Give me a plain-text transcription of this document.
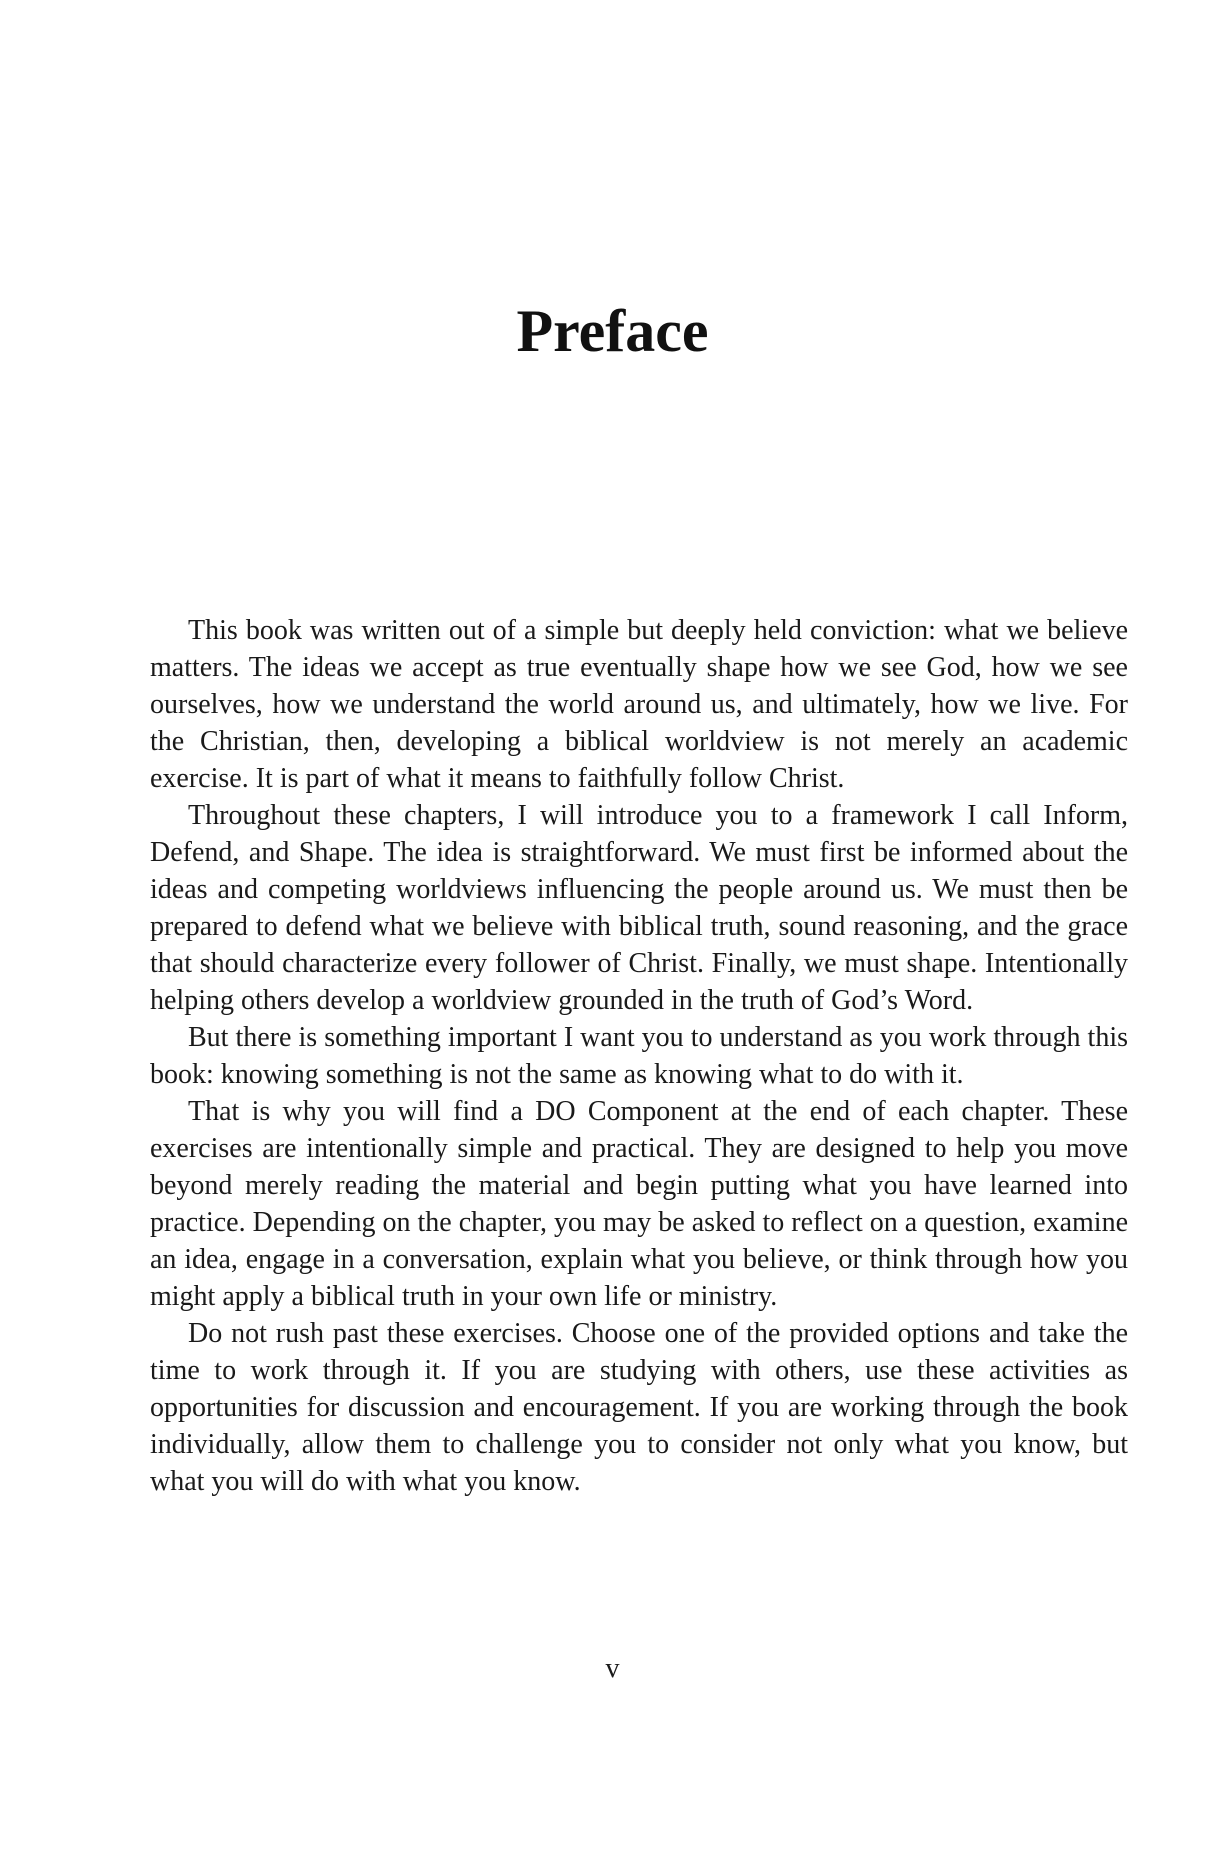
Preface

This book was written out of a simple but deeply held conviction: what we believe matters. The ideas we accept as true eventually shape how we see God, how we see ourselves, how we understand the world around us, and ultimately, how we live. For the Christian, then, developing a biblical worldview is not merely an academic exercise. It is part of what it means to faithfully follow Christ.

Throughout these chapters, I will introduce you to a framework I call Inform, Defend, and Shape. The idea is straightforward. We must first be informed about the ideas and competing worldviews influencing the people around us. We must then be prepared to defend what we believe with biblical truth, sound reasoning, and the grace that should characterize every follower of Christ. Finally, we must shape. Intentionally helping others develop a worldview grounded in the truth of God’s Word.

But there is something important I want you to understand as you work through this book: knowing something is not the same as knowing what to do with it.

That is why you will find a DO Component at the end of each chapter. These exercises are intentionally simple and practical. They are designed to help you move beyond merely reading the material and begin putting what you have learned into practice. Depending on the chapter, you may be asked to reflect on a question, examine an idea, engage in a conversation, explain what you believe, or think through how you might apply a biblical truth in your own life or ministry.

Do not rush past these exercises. Choose one of the provided options and take the time to work through it. If you are studying with others, use these activities as opportunities for discussion and encouragement. If you are working through the book individually, allow them to challenge you to consider not only what you know, but what you will do with what you know.

v
